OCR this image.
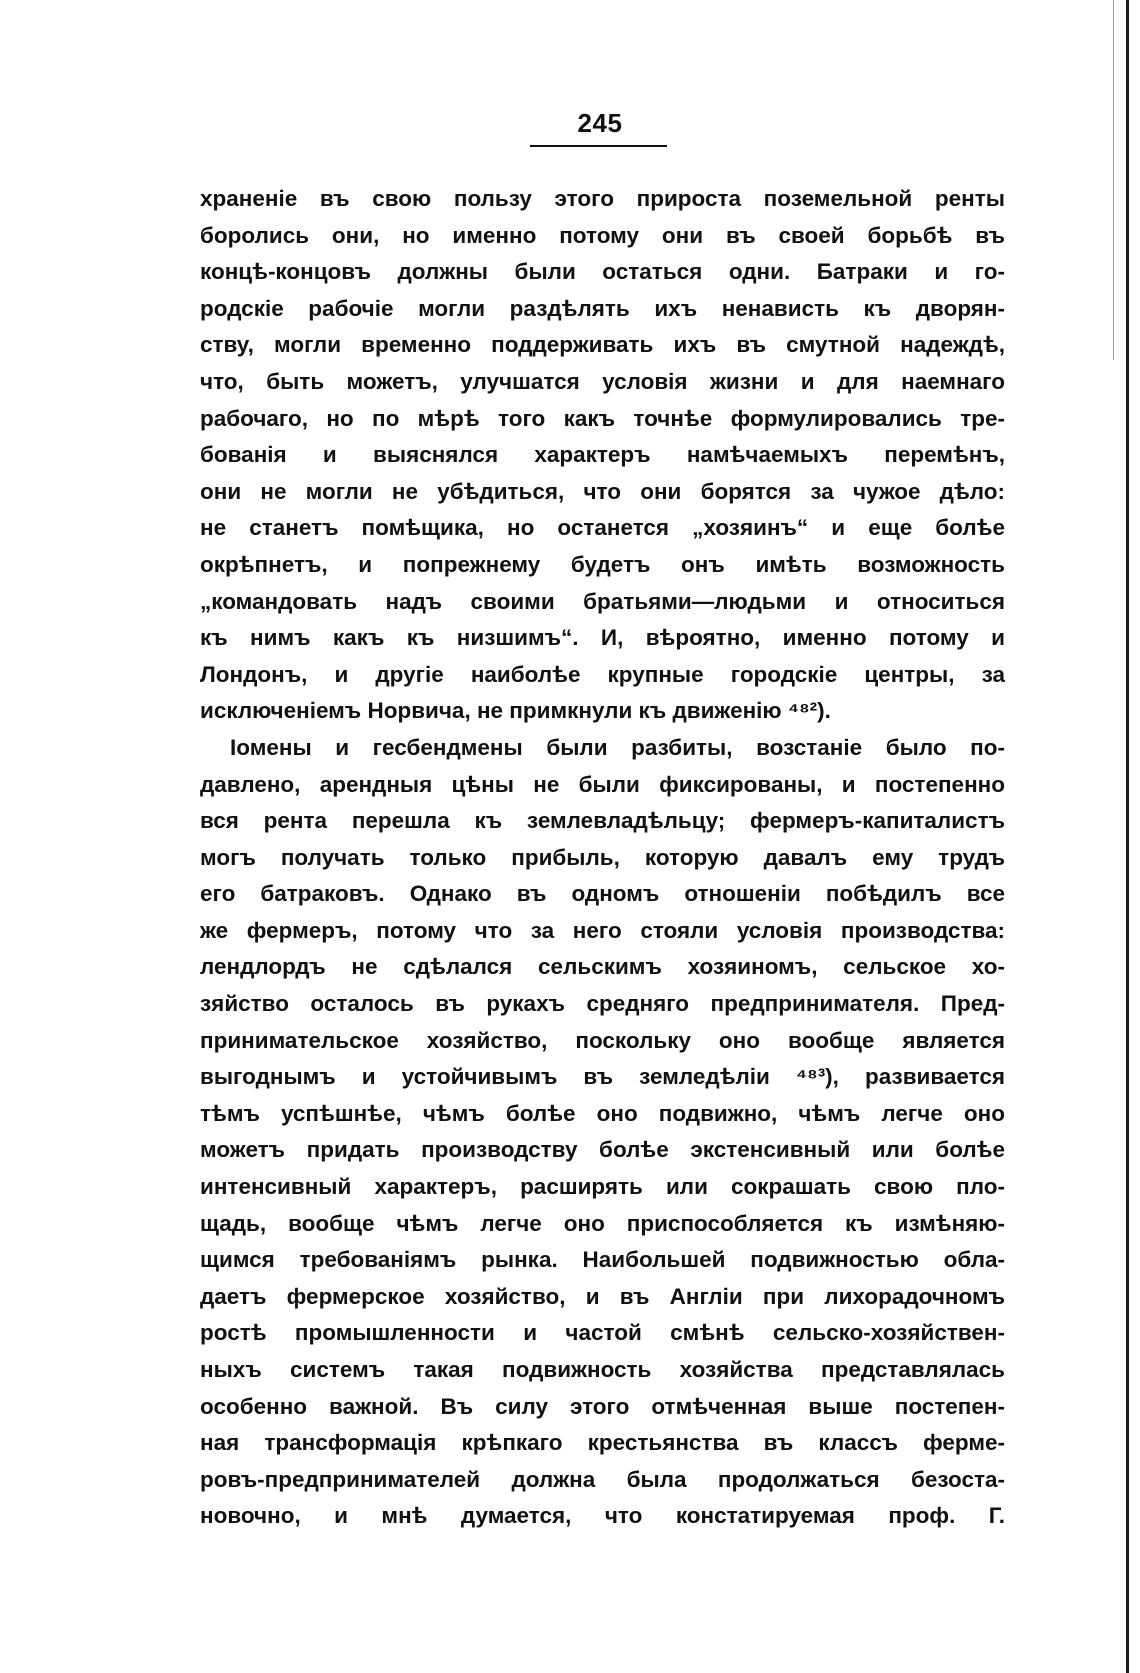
245
храненіе въ свою пользу этого прироста поземельной ренты
боролись они, но именно потому они въ своей борьбѣ въ
концѣ-концовъ должны были остаться одни. Батраки и го-
родскіе рабочіе могли раздѣлять ихъ ненависть къ дворян-
ству, могли временно поддерживать ихъ въ смутной надеждѣ,
что, быть можетъ, улучшатся условія жизни и для наемнаго
рабочаго, но по мѣрѣ того какъ точнѣе формулировались тре-
бованія и выяснялся характеръ намѣчаемыхъ перемѣнъ,
они не могли не убѣдиться, что они борятся за чужое дѣло:
не станетъ помѣщика, но останется „хозяинъ“ и еще болѣе
окрѣпнетъ, и попрежнему будетъ онъ имѣть возможность
„командовать надъ своими братьями—людьми и относиться
къ нимъ какъ къ низшимъ“. И, вѣроятно, именно потому и
Лондонъ, и другіе наиболѣе крупные городскіе центры, за
исключеніемъ Норвича, не примкнули къ движенію ⁴⁸²).
Іомены и гесбендмены были разбиты, возстаніе было по-
давлено, арендныя цѣны не были фиксированы, и постепенно
вся рента перешла къ землевладѣльцу; фермеръ-капиталистъ
могъ получать только прибыль, которую давалъ ему трудъ
его батраковъ. Однако въ одномъ отношеніи побѣдилъ все
же фермеръ, потому что за него стояли условія производства:
лендлордъ не сдѣлался сельскимъ хозяиномъ, сельское хо-
зяйство осталось въ рукахъ средняго предпринимателя. Пред-
принимательское хозяйство, поскольку оно вообще является
выгоднымъ и устойчивымъ въ земледѣліи ⁴⁸³), развивается
тѣмъ успѣшнѣе, чѣмъ болѣе оно подвижно, чѣмъ легче оно
можетъ придать производству болѣе экстенсивный или болѣе
интенсивный характеръ, расширять или сокрашать свою пло-
щадь, вообще чѣмъ легче оно приспособляется къ измѣняю-
щимся требованіямъ рынка. Наибольшей подвижностью обла-
даетъ фермерское хозяйство, и въ Англіи при лихорадочномъ
ростѣ промышленности и частой смѣнѣ сельско-хозяйствен-
ныхъ системъ такая подвижность хозяйства представлялась
особенно важной. Въ силу этого отмѣченная выше постепен-
ная трансформація крѣпкаго крестьянства въ классъ ферме-
ровъ-предпринимателей должна была продолжаться безоста-
новочно, и мнѣ думается, что констатируемая проф. Г.
